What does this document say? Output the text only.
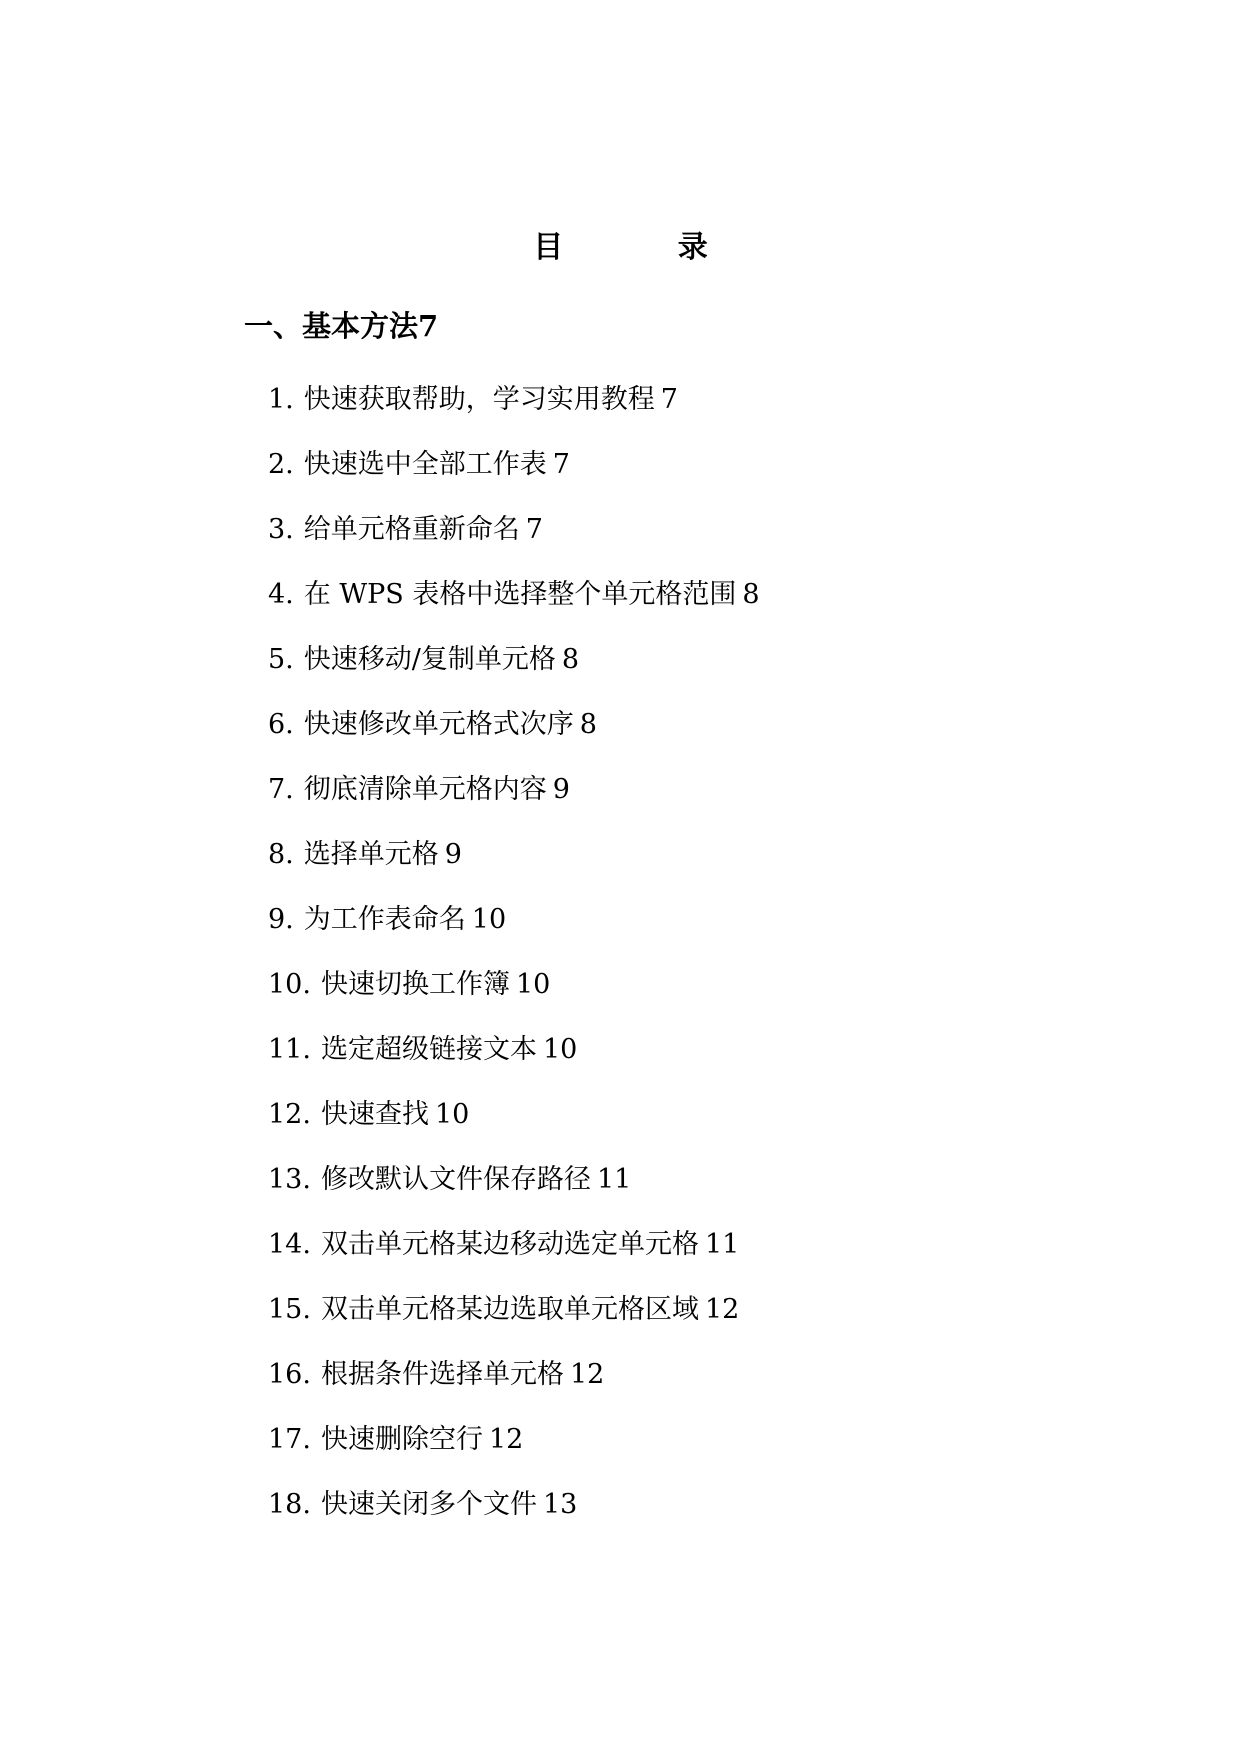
目 录
一、基本方法7
1. 快速获取帮助，学习实用教程 7
2. 快速选中全部工作表 7
3. 给单元格重新命名 7
4. 在 WPS 表格中选择整个单元格范围 8
5. 快速移动/复制单元格 8
6. 快速修改单元格式次序 8
7. 彻底清除单元格内容 9
8. 选择单元格 9
9. 为工作表命名 10
10. 快速切换工作簿 10
11. 选定超级链接文本 10
12. 快速查找 10
13. 修改默认文件保存路径 11
14. 双击单元格某边移动选定单元格 11
15. 双击单元格某边选取单元格区域 12
16. 根据条件选择单元格 12
17. 快速删除空行 12
18. 快速关闭多个文件 13
